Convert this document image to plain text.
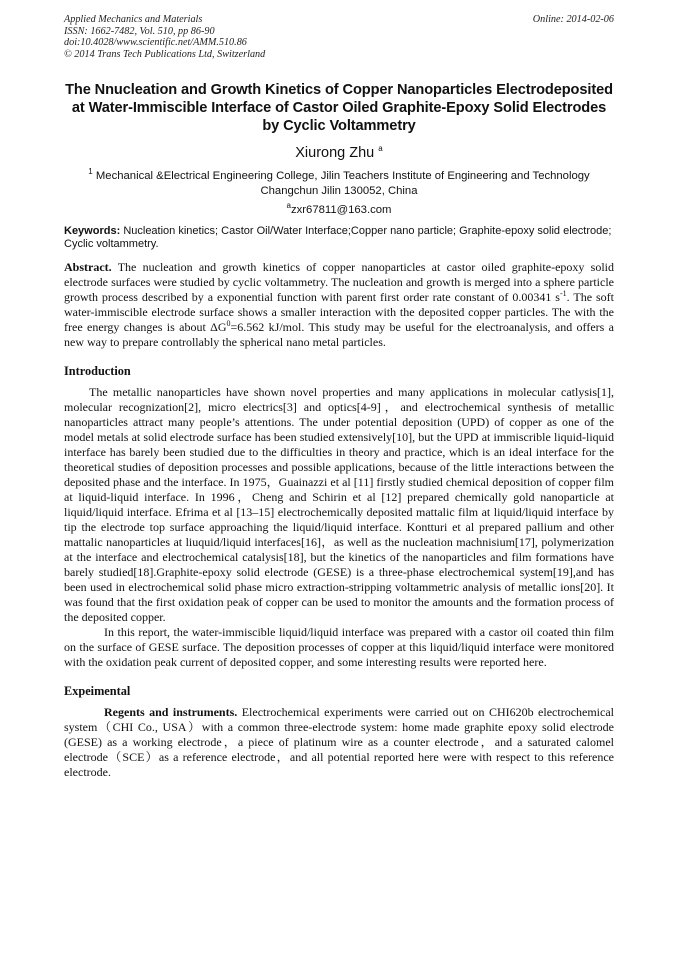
Applied Mechanics and Materials
ISSN: 1662-7482, Vol. 510, pp 86-90
doi:10.4028/www.scientific.net/AMM.510.86
© 2014 Trans Tech Publications Ltd, Switzerland
Online: 2014-02-06
The Nnucleation and Growth Kinetics of Copper Nanoparticles Electrodeposited at Water-Immiscible Interface of Castor Oiled Graphite-Epoxy Solid Electrodes by Cyclic Voltammetry
Xiurong Zhu $^a$
$^1$ Mechanical &Electrical Engineering College, Jilin Teachers Institute of Engineering and Technology Changchun Jilin 130052, China
$^a$zxr67811@163.com
Keywords: Nucleation kinetics; Castor Oil/Water Interface;Copper nano particle; Graphite-epoxy solid electrode; Cyclic voltammetry.
Abstract. The nucleation and growth kinetics of copper nanoparticles at castor oiled graphite-epoxy solid electrode surfaces were studied by cyclic voltammetry. The nucleation and growth is merged into a sphere particle growth process described by a exponential function with parent first order rate constant of 0.00341 $s^{-1}$. The soft water-immiscible electrode surface shows a smaller interaction with the deposited copper particles. The with the free energy changes is about $\Delta G^0=6.562$ kJ/mol. This study may be useful for the electroanalysis, and offers a new way to prepare controllably the spherical nano metal particles.
Introduction
The metallic nanoparticles have shown novel properties and many applications in molecular catlysis[1], molecular recognization[2], micro electrics[3] and optics[4-9]，and electrochemical synthesis of metallic nanoparticles attract many people’s attentions. The under potential deposition (UPD) of copper as one of the model metals at solid electrode surface has been studied extensively[10], but the UPD at immiscrible liquid-liquid interface has barely been studied due to the difficulties in theory and practice, which is an ideal interface for the theoretical studies of deposition processes and possible applications, because of the little interactions between the deposited phase and the interface. In 1975，Guainazzi et al [11] firstly studied chemical deposition of copper film at liquid-liquid interface. In 1996，Cheng and Schirin et al [12] prepared chemically gold nanoparticle at liquid/liquid interface. Efrima et al [13–15] electrochemically deposited mattalic film at liquid/liquid interface by tip the electrode top surface approaching the liquid/liquid interface. Kontturi et al prepared pallium and other mattalic nanoparticles at liuquid/liquid interfaces[16]，as well as the nucleation machnisium[17], polymerization at the interface and electrochemical catalysis[18], but the kinetics of the nanoparticles and film formations have barely studied[18].Graphite-epoxy solid electrode (GESE) is a three-phase electrochemical system[19],and has been used in electrochemical solid phase micro extraction-stripping voltammetric analysis of metallic ions[20]. It was found that the first oxidation peak of copper can be used to monitor the amounts and the formation process of the deposited copper.
In this report, the water-immiscible liquid/liquid interface was prepared with a castor oil coated thin film on the surface of GESE surface. The deposition processes of copper at this liquid/liquid interface were monitored with the oxidation peak current of deposited copper, and some interesting results were reported here.
Expeimental
Regents and instruments. Electrochemical experiments were carried out on CHI620b electrochemical system（CHI Co., USA）with a common three-electrode system: home made graphite epoxy solid electrode (GESE) as a working electrode，a piece of platinum wire as a counter electrode，and a saturated calomel electrode（SCE）as a reference electrode，and all potential reported here were with respect to this reference electrode.
